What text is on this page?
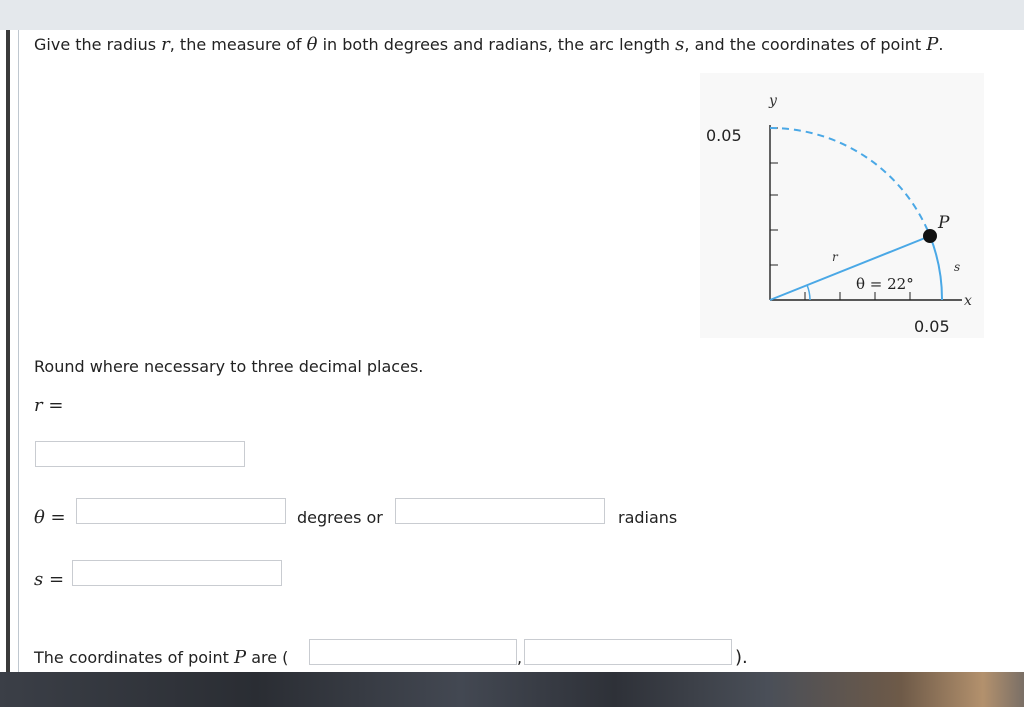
Give the radius r, the measure of θ in both degrees and radians, the arc length s, and the coordinates of point P.
y
0.05
x
0.05
P
r
s
θ = 22°
Round where necessary to three decimal places.
r =
θ =	degrees or	radians
s =
The coordinates of point P are (	,	).
